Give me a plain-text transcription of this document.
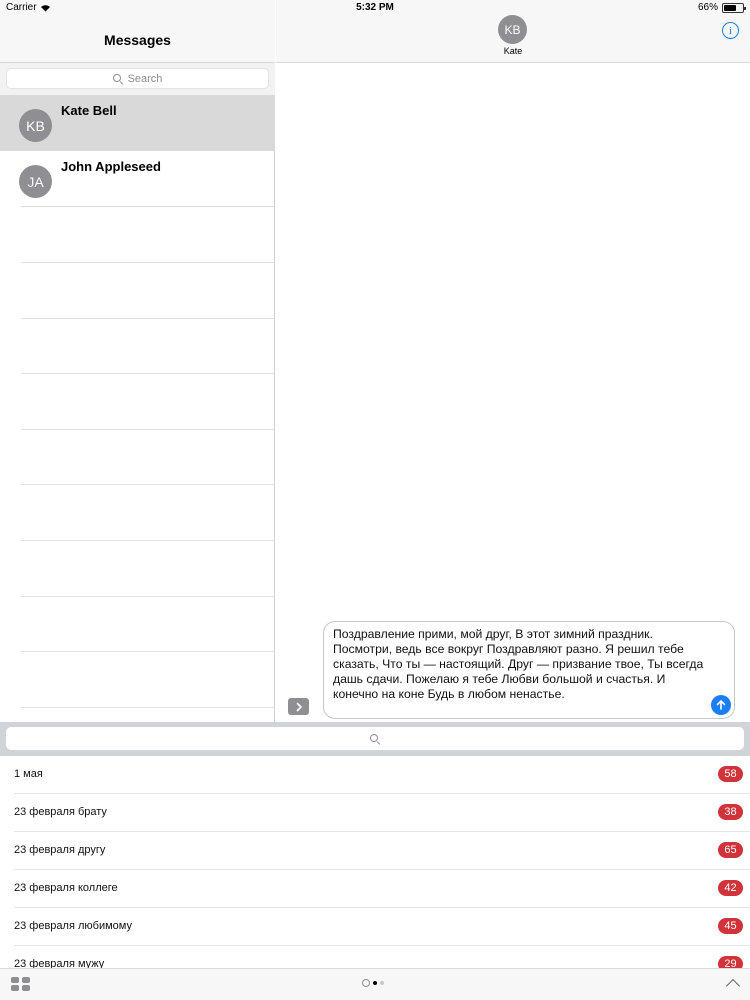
Messages
Search
KB
Kate Bell
JA
John Appleseed
KB
Kate
i
Поздравление прими, мой друг, В этот зимний праздник. Посмотри, ведь все вокруг Поздравляют разно. Я решил тебе сказать, Что ты — настоящий. Друг — призвание твое, Ты всегда дашь сдачи. Пожелаю я тебе Любви большой и счастья. И конечно на коне Будь в любом ненастье.
Carrier	5:32 PM	66%
1 мая	58
23 февраля брату	38
23 февраля другу	65
23 февраля коллеге	42
23 февраля любимому	45
23 февраля мужу	29
